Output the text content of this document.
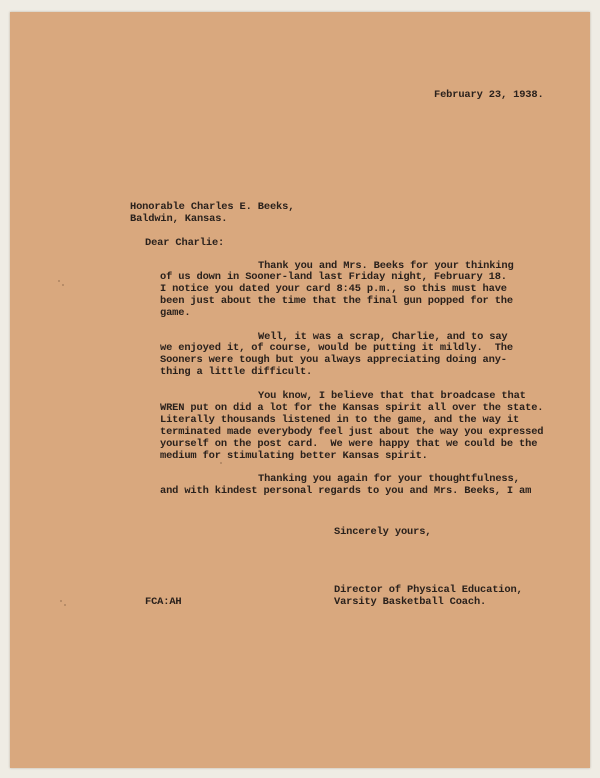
February 23, 1938.
Honorable Charles E. Beeks,
Baldwin, Kansas.
Dear Charlie:
Thank you and Mrs. Beeks for your thinking
of us down in Sooner-land last Friday night, February 18.
I notice you dated your card 8:45 p.m., so this must have
been just about the time that the final gun popped for the
game.
Well, it was a scrap, Charlie, and to say
we enjoyed it, of course, would be putting it mildly.  The
Sooners were tough but you always appreciating doing any-
thing a little difficult.
You know, I believe that that broadcase that
WREN put on did a lot for the Kansas spirit all over the state.
Literally thousands listened in to the game, and the way it
terminated made everybody feel just about the way you expressed
yourself on the post card.  We were happy that we could be the
medium for stimulating better Kansas spirit.
Thanking you again for your thoughtfulness,
and with kindest personal regards to you and Mrs. Beeks, I am
Sincerely yours,
Director of Physical Education,
Varsity Basketball Coach.
FCA:AH
